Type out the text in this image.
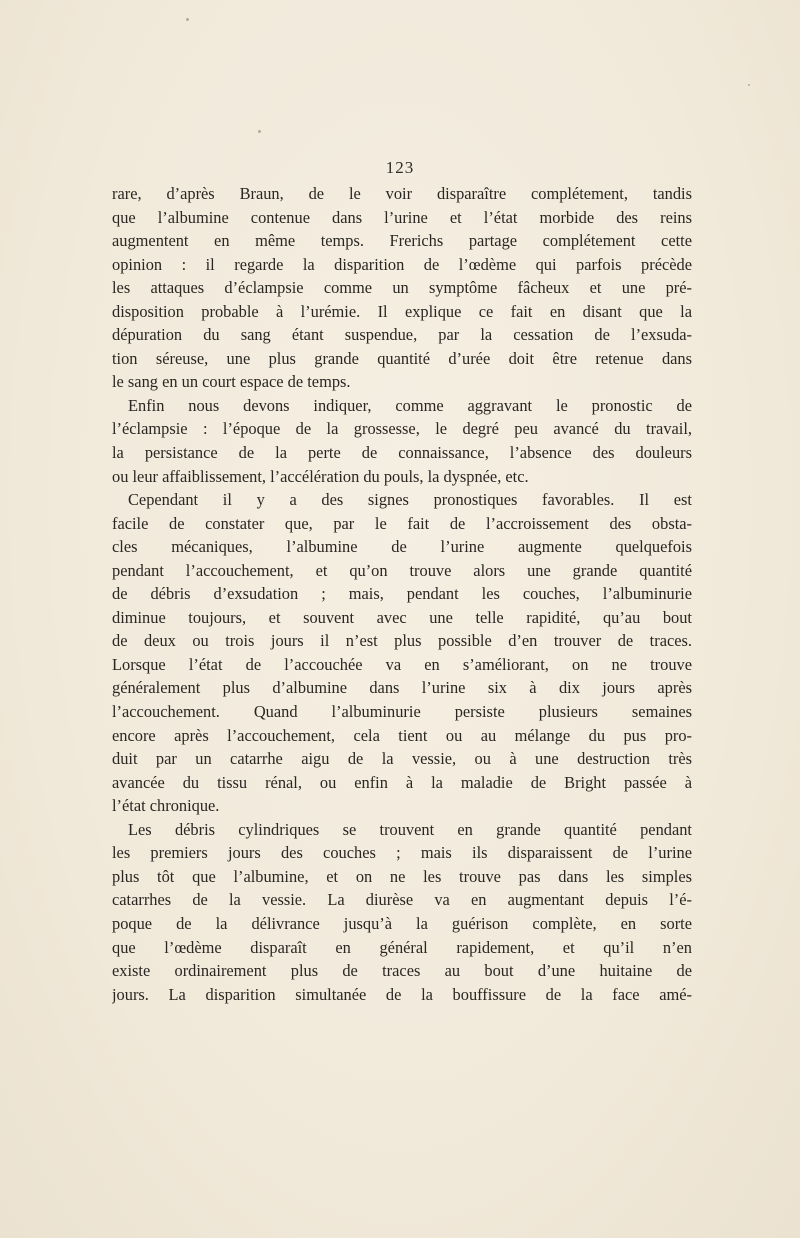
123
rare, d’après Braun, de le voir disparaître complétement, tandis
que l’albumine contenue dans l’urine et l’état morbide des reins
augmentent en même temps. Frerichs partage complétement cette
opinion : il regarde la disparition de l’œdème qui parfois précède
les attaques d’éclampsie comme un symptôme fâcheux et une pré-
disposition probable à l’urémie. Il explique ce fait en disant que la
dépuration du sang étant suspendue, par la cessation de l’exsuda-
tion séreuse, une plus grande quantité d’urée doit être retenue dans
le sang en un court espace de temps.
Enfin nous devons indiquer, comme aggravant le pronostic de
l’éclampsie : l’époque de la grossesse, le degré peu avancé du travail,
la persistance de la perte de connaissance, l’absence des douleurs
ou leur affaiblissement, l’accélération du pouls, la dyspnée, etc.
Cependant il y a des signes pronostiques favorables. Il est
facile de constater que, par le fait de l’accroissement des obsta-
cles mécaniques, l’albumine de l’urine augmente quelquefois
pendant l’accouchement, et qu’on trouve alors une grande quantité
de débris d’exsudation ; mais, pendant les couches, l’albuminurie
diminue toujours, et souvent avec une telle rapidité, qu’au bout
de deux ou trois jours il n’est plus possible d’en trouver de traces.
Lorsque l’état de l’accouchée va en s’améliorant, on ne trouve
généralement plus d’albumine dans l’urine six à dix jours après
l’accouchement. Quand l’albuminurie persiste plusieurs semaines
encore après l’accouchement, cela tient ou au mélange du pus pro-
duit par un catarrhe aigu de la vessie, ou à une destruction très
avancée du tissu rénal, ou enfin à la maladie de Bright passée à
l’état chronique.
Les débris cylindriques se trouvent en grande quantité pendant
les premiers jours des couches ; mais ils disparaissent de l’urine
plus tôt que l’albumine, et on ne les trouve pas dans les simples
catarrhes de la vessie. La diurèse va en augmentant depuis l’é-
poque de la délivrance jusqu’à la guérison complète, en sorte
que l’œdème disparaît en général rapidement, et qu’il n’en
existe ordinairement plus de traces au bout d’une huitaine de
jours. La disparition simultanée de la bouffissure de la face amé-
